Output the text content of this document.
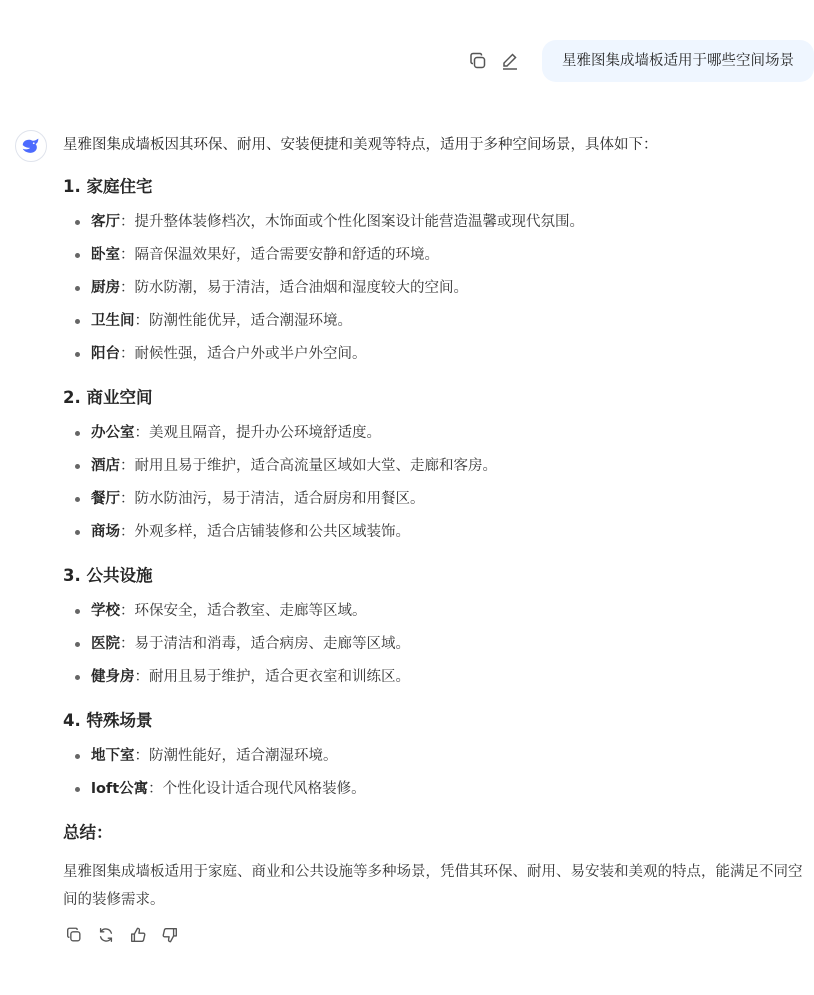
星雅图集成墙板适用于哪些空间场景

星雅图集成墙板因其环保、耐用、安装便捷和美观等特点，适用于多种空间场景，具体如下：

1. 家庭住宅
客厅：提升整体装修档次，木饰面或个性化图案设计能营造温馨或现代氛围。
卧室：隔音保温效果好，适合需要安静和舒适的环境。
厨房：防水防潮，易于清洁，适合油烟和湿度较大的空间。
卫生间：防潮性能优异，适合潮湿环境。
阳台：耐候性强，适合户外或半户外空间。
2. 商业空间
办公室：美观且隔音，提升办公环境舒适度。
酒店：耐用且易于维护，适合高流量区域如大堂、走廊和客房。
餐厅：防水防油污，易于清洁，适合厨房和用餐区。
商场：外观多样，适合店铺装修和公共区域装饰。
3. 公共设施
学校：环保安全，适合教室、走廊等区域。
医院：易于清洁和消毒，适合病房、走廊等区域。
健身房：耐用且易于维护，适合更衣室和训练区。
4. 特殊场景
地下室：防潮性能好，适合潮湿环境。
loft公寓：个性化设计适合现代风格装修。
总结：

星雅图集成墙板适用于家庭、商业和公共设施等多种场景，凭借其环保、耐用、易安装和美观的特点，能满足不同空间的装修需求。
